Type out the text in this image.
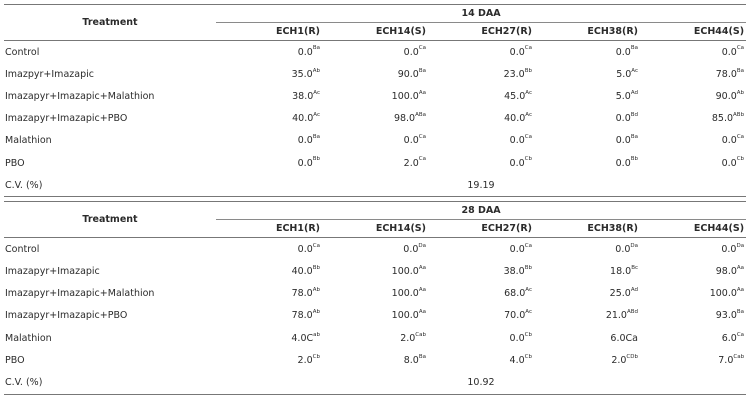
Treatment	14 DAA				
	ECH1(R)	ECH14(S)	ECH27(R)	ECH38(R)	ECH44(S)
Control	$0.0^{Ba}$	$0.0^{Ca}$	$0.0^{Ca}$	$0.0^{Ba}$	$0.0^{Ca}$
Imazpyr+Imazapic	$35.0^{Ab}$	$90.0^{Ba}$	$23.0^{Bb}$	$5.0^{Ac}$	$78.0^{Ba}$
Imazapyr+Imazapic+Malathion	$38.0^{Ac}$	$100.0^{Aa}$	$45.0^{Ac}$	$5.0^{Ad}$	$90.0^{Ab}$
Imazapyr+Imazapic+PBO	$40.0^{Ac}$	$98.0^{ABa}$	$40.0^{Ac}$	$0.0^{Bd}$	$85.0^{ABb}$
Malathion	$0.0^{Ba}$	$0.0^{Ca}$	$0.0^{Ca}$	$0.0^{Ba}$	$0.0^{Ca}$
PBO	$0.0^{Bb}$	$2.0^{Ca}$	$0.0^{Cb}$	$0.0^{Bb}$	$0.0^{Cb}$
C.V. (%)			19.19		

Treatment	28 DAA				
	ECH1(R)	ECH14(S)	ECH27(R)	ECH38(R)	ECH44(S)
Control	$0.0^{Ca}$	$0.0^{Da}$	$0.0^{Ca}$	$0.0^{Da}$	$0.0^{Da}$
Imazapyr+Imazapic	$40.0^{Bb}$	$100.0^{Aa}$	$38.0^{Bb}$	$18.0^{Bc}$	$98.0^{Aa}$
Imazapyr+Imazapic+Malathion	$78.0^{Ab}$	$100.0^{Aa}$	$68.0^{Ac}$	$25.0^{Ad}$	$100.0^{Aa}$
Imazapyr+Imazapic+PBO	$78.0^{Ab}$	$100.0^{Aa}$	$70.0^{Ac}$	$21.0^{ABd}$	$93.0^{Ba}$
Malathion	$4.0C^{ab}$	$2.0^{Cab}$	$0.0^{Cb}$	6.0Ca	$6.0^{Ca}$
PBO	$2.0^{Cb}$	$8.0^{Ba}$	$4.0^{Cb}$	$2.0^{CDb}$	$7.0^{Cab}$
C.V. (%)			10.92		
